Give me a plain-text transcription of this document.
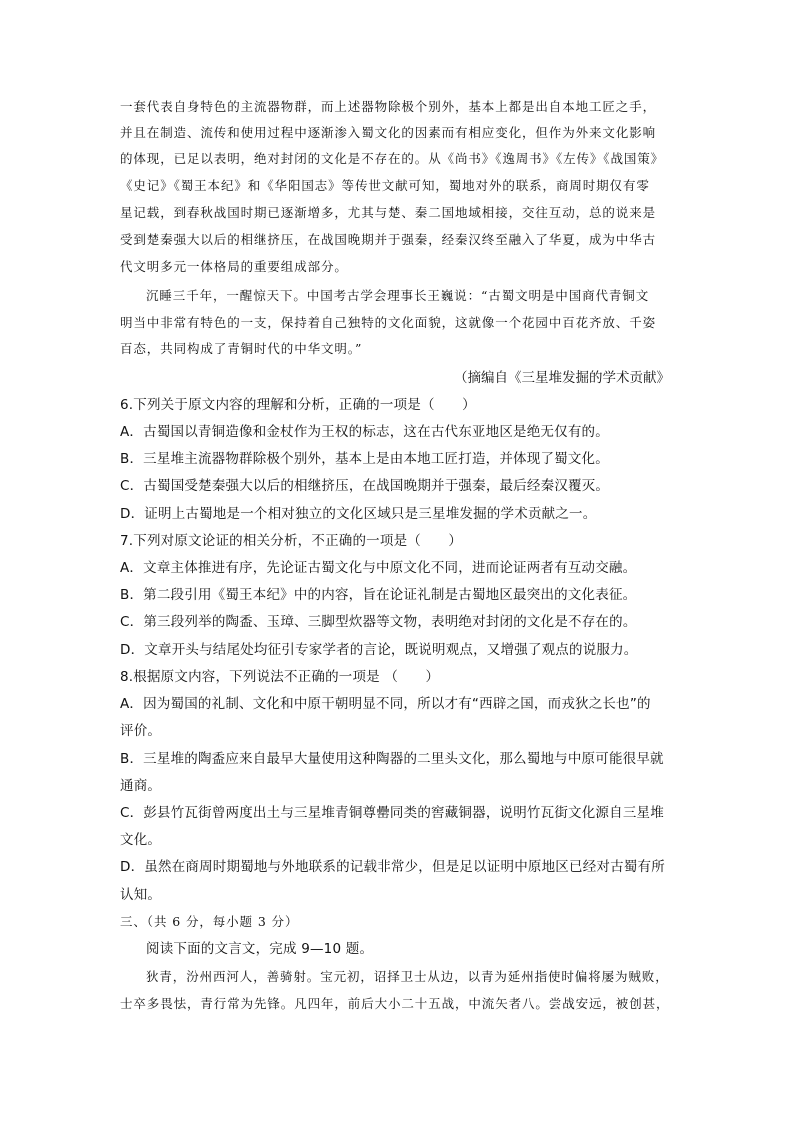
一套代表自身特色的主流器物群，而上述器物除极个别外，基本上都是出自本地工匠之手，
并且在制造、流传和使用过程中逐渐渗入蜀文化的因素而有相应变化，但作为外来文化影响
的体现，已足以表明，绝对封闭的文化是不存在的。从《尚书》《逸周书》《左传》《战国策》
《史记》《蜀王本纪》和《华阳国志》等传世文献可知，蜀地对外的联系，商周时期仅有零
星记载，到春秋战国时期已逐渐增多，尤其与楚、秦二国地域相接，交往互动，总的说来是
受到楚秦强大以后的相继挤压，在战国晚期并于强秦，经秦汉终至融入了华夏，成为中华古
代文明多元一体格局的重要组成部分。
沉睡三千年，一醒惊天下。中国考古学会理事长王巍说：“古蜀文明是中国商代青铜文
明当中非常有特色的一支，保持着自己独特的文化面貌，这就像一个花园中百花齐放、千姿
百态，共同构成了青铜时代的中华文明。”
（摘编自《三星堆发掘的学术贡献》
6.下列关于原文内容的理解和分析，正确的一项是（　　）
A．古蜀国以青铜造像和金杖作为王权的标志，这在古代东亚地区是绝无仅有的。
B．三星堆主流器物群除极个别外，基本上是由本地工匠打造，并体现了蜀文化。
C．古蜀国受楚秦强大以后的相继挤压，在战国晚期并于强秦，最后经秦汉覆灭。
D．证明上古蜀地是一个相对独立的文化区域只是三星堆发掘的学术贡献之一。
7.下列对原文论证的相关分析，不正确的一项是（　　）
A．文章主体推进有序，先论证古蜀文化与中原文化不同，进而论证两者有互动交融。
B．第二段引用《蜀王本纪》中的内容，旨在论证礼制是古蜀地区最突出的文化表征。
C．第三段列举的陶盉、玉璋、三脚型炊器等文物，表明绝对封闭的文化是不存在的。
D．文章开头与结尾处均征引专家学者的言论，既说明观点，又增强了观点的说服力。
8.根据原文内容，下列说法不正确的一项是 （　　）
A．因为蜀国的礼制、文化和中原干朝明显不同，所以才有“西辟之国，而戎狄之长也”的
评价。
B．三星堆的陶盉应来自最早大量使用这种陶器的二里头文化，那么蜀地与中原可能很早就
通商。
C．彭县竹瓦街曾两度出土与三星堆青铜尊罍同类的窖藏铜器，说明竹瓦街文化源自三星堆
文化。
D．虽然在商周时期蜀地与外地联系的记载非常少，但是足以证明中原地区已经对古蜀有所
认知。
三、（共 6 分，每小题 3 分）
阅读下面的文言文，完成 9—10 题。
狄青，汾州西河人，善骑射。宝元初，诏择卫士从边，以青为延州指使时偏将屡为贼败，
士卒多畏怯，青行常为先锋。凡四年，前后大小二十五战，中流矢者八。尝战安远，被创甚，
